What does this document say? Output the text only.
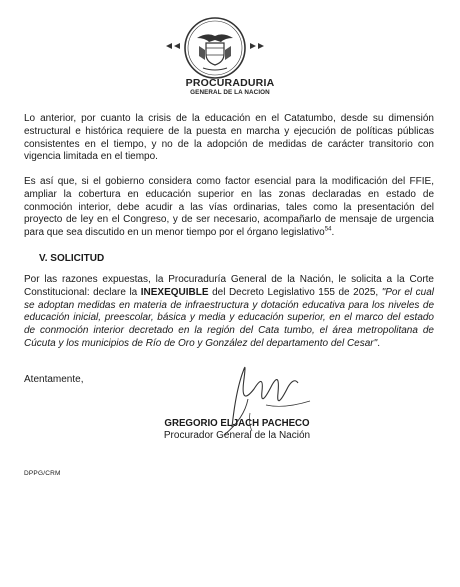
PROCURADURIA
GENERAL DE LA NACION

Lo anterior, por cuanto la crisis de la educación en el Catatumbo, desde su dimensión estructural e histórica requiere de la puesta en marcha y ejecución de políticas públicas consistentes en el tiempo, y no de la adopción de medidas de carácter transitorio con vigencia limitada en el tiempo.

Es así que, si el gobierno considera como factor esencial para la modificación del FFIE, ampliar la cobertura en educación superior en las zonas declaradas en estado de conmoción interior, debe acudir a las vías ordinarias, tales como la presentación del proyecto de ley en el Congreso, y de ser necesario, acompañarlo de mensaje de urgencia para que sea discutido en un menor tiempo por el órgano legislativo$^{54}$.

V. SOLICITUD

Por las razones expuestas, la Procuraduría General de la Nación, le solicita a la Corte Constitucional: declare la INEXEQUIBLE del Decreto Legislativo 155 de 2025, "Por el cual se adoptan medidas en materia de infraestructura y dotación educativa para los niveles de educación inicial, preescolar, básica y media y educación superior, en el marco del estado de conmoción interior decretado en la región del Cata tumbo, el área metropolitana de Cúcuta y los municipios de Río de Oro y González del departamento del Cesar".

Atentamente,
GREGORIO ELJACH PACHECO
Procurador General de la Nación
DPPG/CRM
